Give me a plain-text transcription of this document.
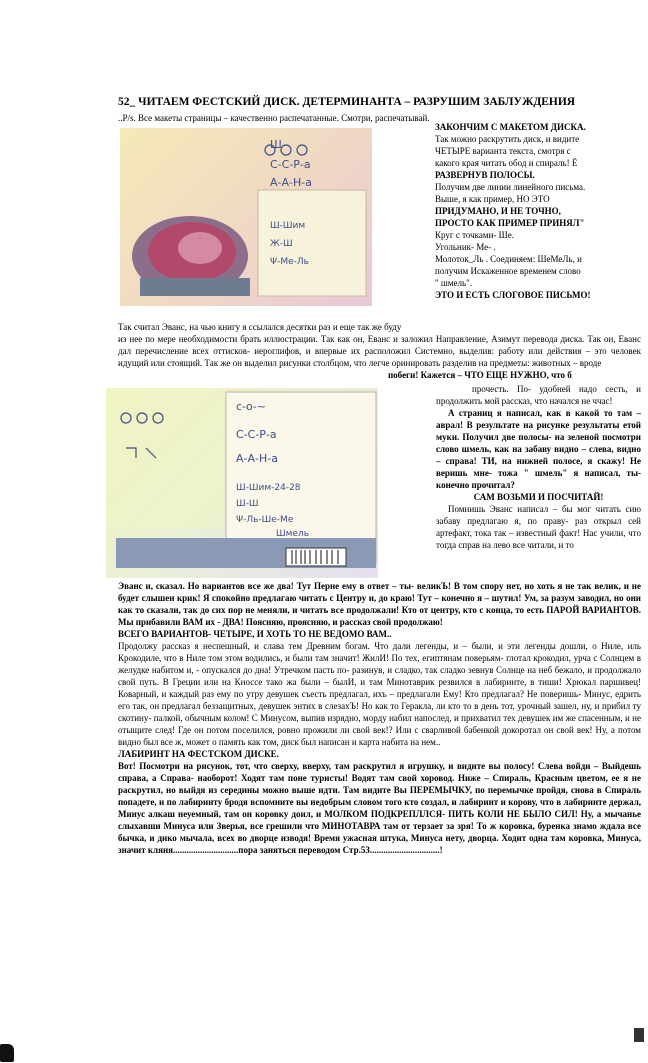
52_ ЧИТАЕМ ФЕСТСКИЙ ДИСК. ДЕТЕРМИНАНТА – РАЗРУШИМ ЗАБЛУЖДЕНИЯ
..P/s. Все макеты страницы – качественно распечатанные. Смотри, распечатывай.
Ш
С-С-Р-а
А-А-Н-а
Ш-Шим
Ж-Ш
Ψ-Ме-Ль

ЗАКОНЧИМ С МАКЕТОМ ДИСКА.

Так можно раскрутить диск, и видите

ЧЕТЫРЕ варианта текста, смотря с

какого края читать обод и спираль! Ё

РАЗВЕРНУВ ПОЛОСЫ.

Получим две линии линейного письма.

Выше, я как пример, НО ЭТО

ПРИДУМАНО, И НЕ ТОЧНО,

ПРОСТО КАК ПРИМЕР ПРИНЯЛ"

Круг с точками- Ше.

Угольник- Ме- .

Молоток_Ль . Соединяем: ШеМеЛь, и

получим Искаженное временем слово

" шмель".

ЭТО И ЕСТЬ СЛОГОВОЕ ПИСЬМО!

Так считал Эванс, на чью книгу я ссылался десятки раз и еще так же буду

из нее по мере необходимости брать иллюстрации. Так как он, Еванс и заложил Направление, Азимут перевода диска. Так он, Еванс дал перечисление всех оттисков- иероглифов, и впервые их расположил Системно, выделив: работу или действия – это человек идущий или стоящий. Так же он выделил рисунки столбцом, что легче оринировать разделив на предметы: животных – вроде

побеги! Кажется – ЧТО ЕЩЕ НУЖНО, что б

с-о-~
С-С-Р-а
А-А-Н-а
Ш-Шим-24-28
Ш-Ш
Ψ-Ль-Ше-Ме
Шмель

прочесть. По- удобней надо сесть, и продолжить мой рассказ, что начался не ччас!

А страниц я написал, как в какой то там – аврал! В результате на рисунке результаты етой муки. Получил две полосы- на зеленой посмотри слово шмель, как на забаву видно – слева, видно – справа! ТИ, на нижней полосе, я скажу! Не веришь мне- тожа " шмель" я написал, ты- конечно прочитал?

САМ ВОЗЬМИ И ПОСЧИТАЙ!

Помнишь Эванс написал – бы мог читать сию забаву предлагаю я, по праву- раз открыл сей артефакт, тока так – известный факт! Нас учили, что тогда справ на лево все читали, и то

Эванс и, сказал. Но вариантов все же два! Тут Перне ему в ответ – ты- великЪ! В том спору нет, но хоть я не так велик, и не будет слышен крик! Я спокойно предлагаю читать с Центру и, до краю! Тут – конечно я – шутил! Ум, за разум заводил, но они как то сказали, так до сих пор не меняли, и читать все продолжали! Кто от центру, кто с конца, то есть ПАРОЙ ВАРИАНТОВ. Мы прибавили ВАМ их - ДВА! Поясняю, проясняю, и рассказ свой продолжаю!

ВСЕГО ВАРИАНТОВ- ЧЕТЫРЕ, И ХОТЬ ТО НЕ ВЕДОМО ВАМ..

Продолжу рассказ я неспешный, и слава тем Древним богам. Что дали легенды, и – были, и эти легенды дошли, о Ниле, иль Крокодиле, что в Ниле том этом водились, и были там значит! ЖилИ! По тех, египтянам поверьям- глотал крокодил, урча с Солнцем в желудке набитом и, - опускался до дна! Утречком пасть по- разинув, и сладко, так сладко зевнув Солнце на неб бежало, и продолжало свой путь. В Греции или на Кноссе тако жа были – былИ, и там Минотаврик резвился в лабиринте, в тиши! Хрюкал паршивец! Коварный, и каждый раз ему по утру девушек съесть предлагал, ихъ – предлагали Ему! Кто предлагал? Не поверишь- Минус, едрить его так, он предлагал беззащитных, девушек энтих в слезахЪ! Но как то Геракла, ли кто то в день тот, урочный зашел, ну, и прибил ту скотину- палкой, обычным колом! С Минусом, выпив изрядно, морду набил напослед, и прихватил тех девушек им же спасенным, и не отыщите след! Где он потом поселился, ровно прожили ли свой век!? Или с сварливой бабенкой докоротал он свой век! Ну, а потом видно был все ж, может о память как том, диск был написан и карта набита на нем..

ЛАБИРИНТ НА ФЕСТСКОМ ДИСКЕ.

Вот! Посмотри на рисунок, тот, что сверху, вверху, там раскрутил я игрушку, и видите вы полосу! Слева войди – Выйдешь справа, а Справа- наоборот! Ходят там поне туристы! Водят там свой хоровод. Ниже – Спираль, Красным цветом, ее я не раскрутил, но выйдя из середины можно выше идти. Там видите Вы ПЕРЕМЫЧКУ, по перемычке пройдя, снова в Спираль попадете, и по лабиринту бродя вспомните вы недобрым словом того кто создал, и лабиринт и корову, что в лабиринте держал, Минус алкаш неуемный, там он коровку доил, и МОЛКОМ ПОДКРЕПЛЛСЯ- ПИТЬ КОЛИ НЕ БЫЛО СИЛ! Ну, а мычанье слыхавши Минуса или Зверья, все грешили что МИНОТАВРА там от терзает за зря! То ж коровка, буренка знамо ждала все бычка, и дико мычала, всех во дворце изводя! Время ужасная штука, Минуса нету, дворца. Ходит одна там коровка, Минуса, значит кляня.............................пора заняться переводом Стр.53...............................!
